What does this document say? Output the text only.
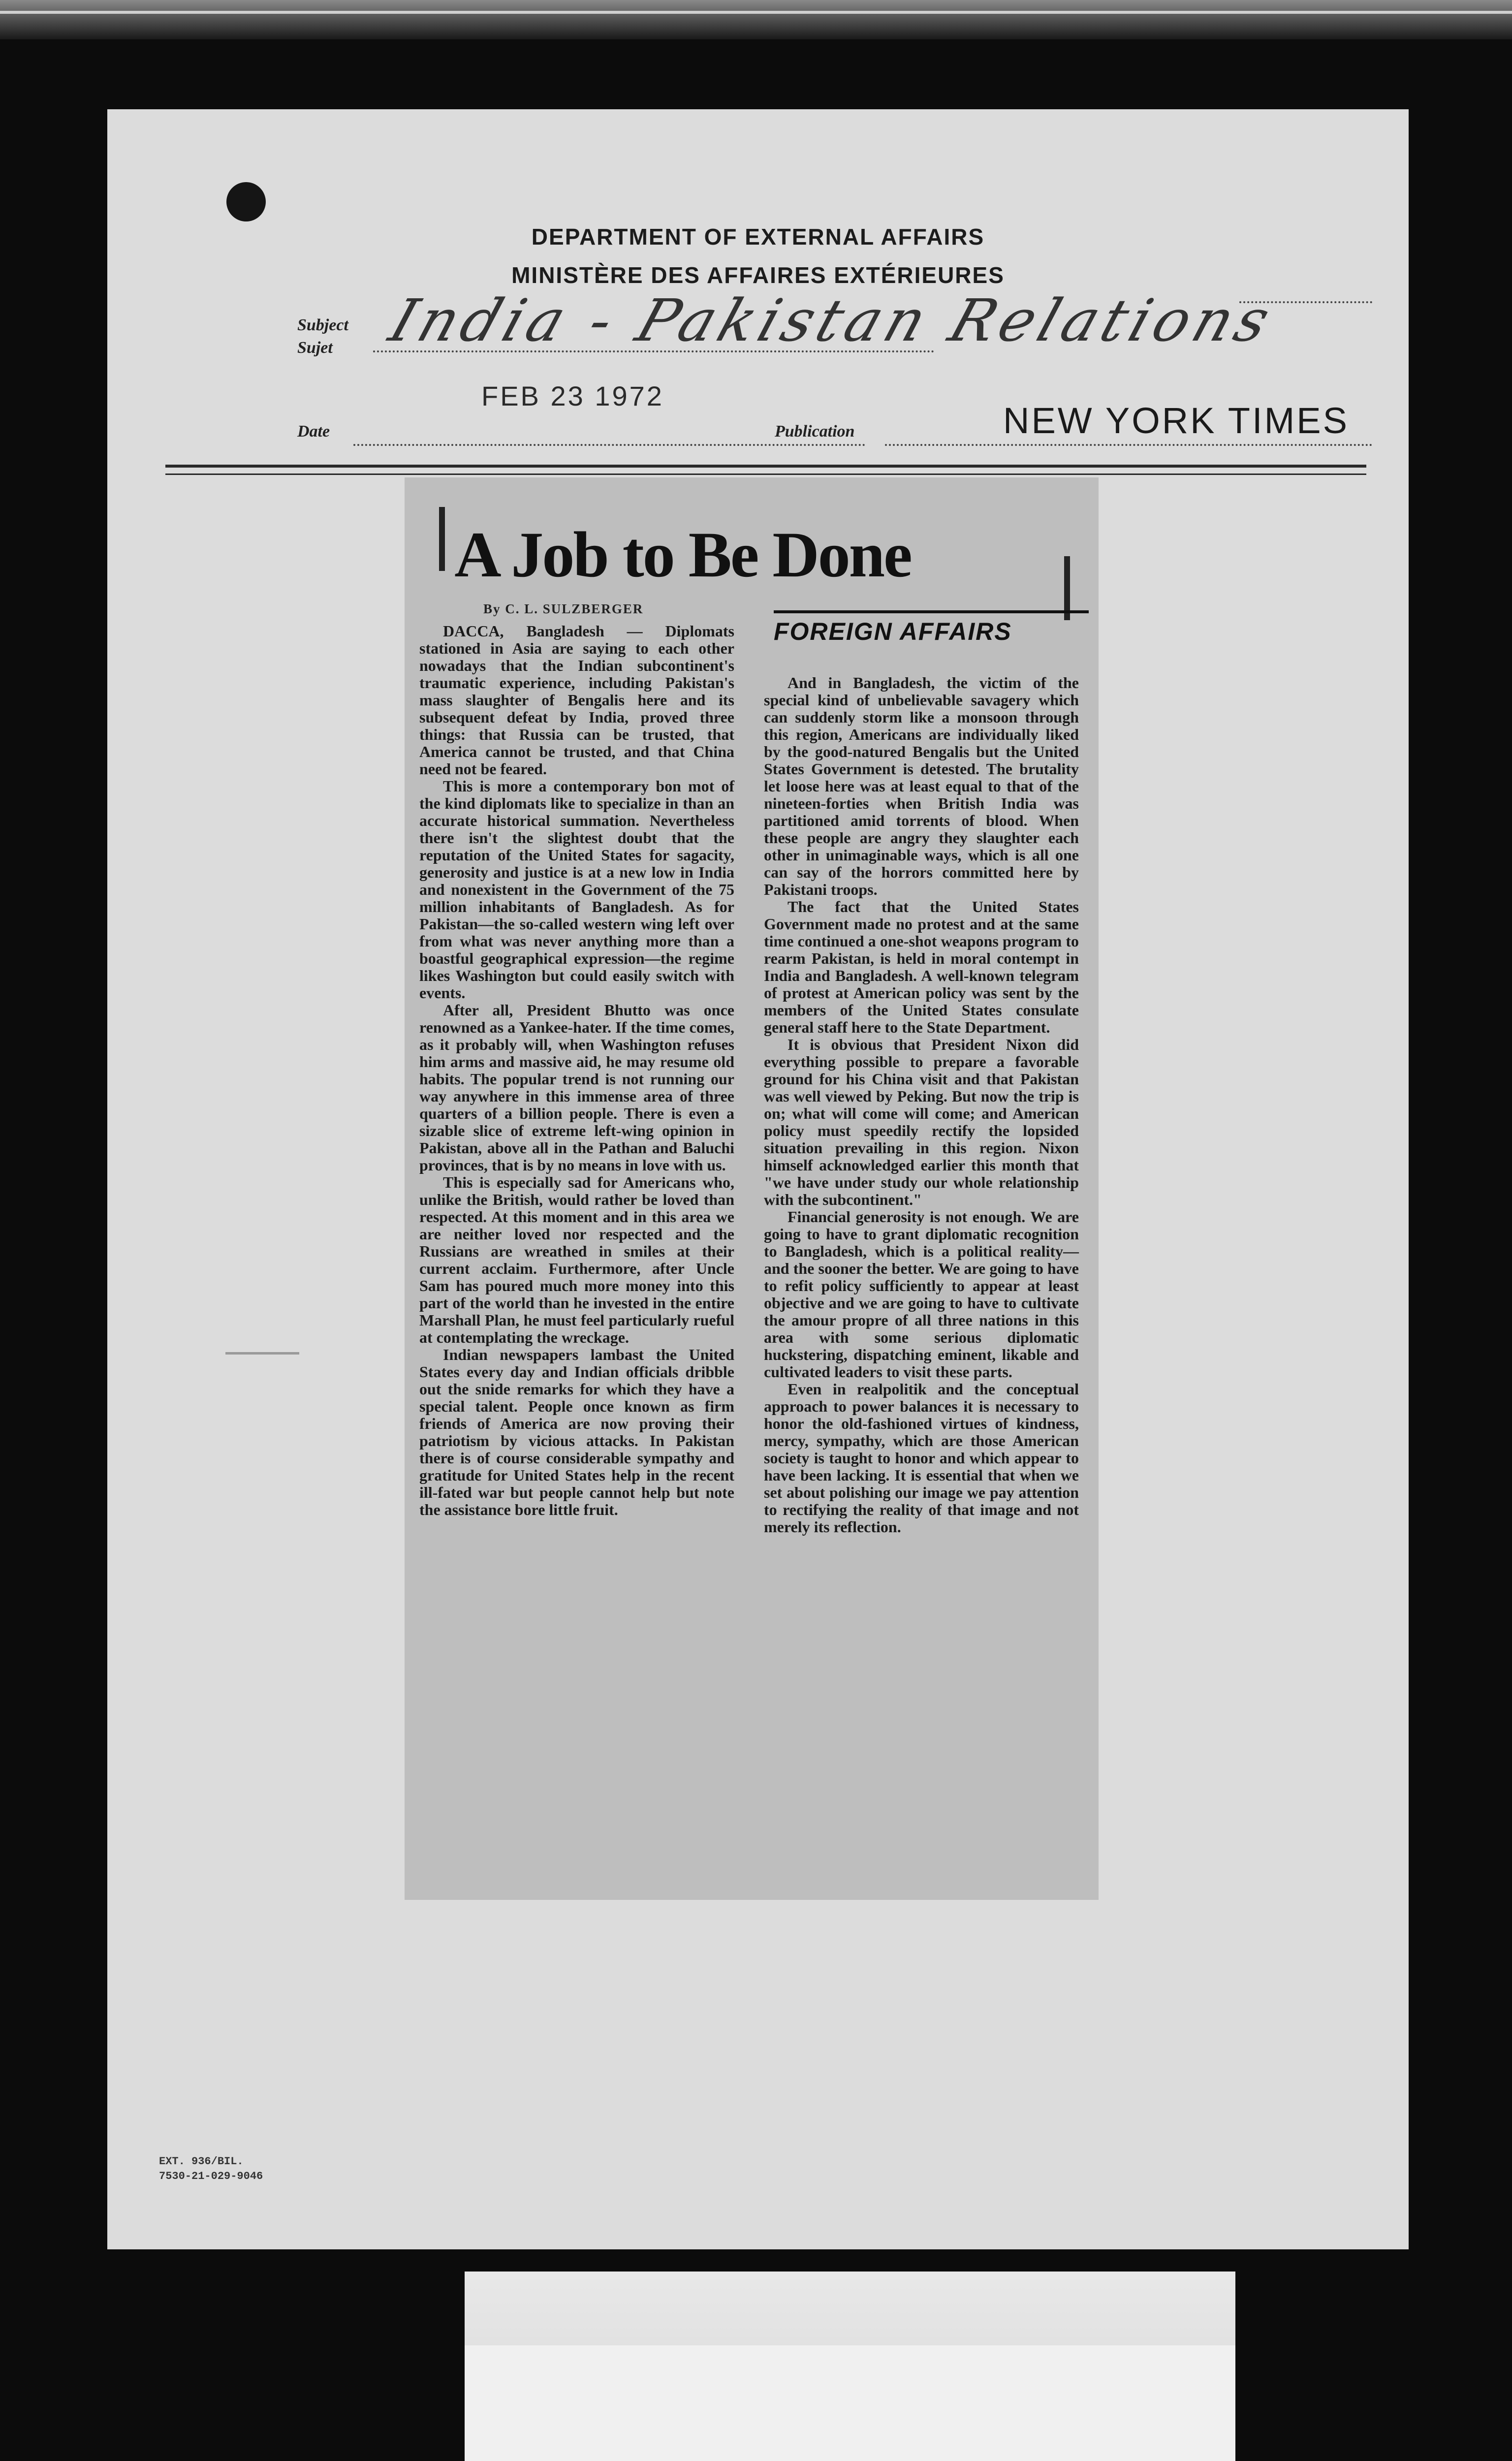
DEPARTMENT OF EXTERNAL AFFAIRS
MINISTÈRE DES AFFAIRES EXTÉRIEURES
Subject
Sujet India - Pakistan Relations
Date
FEB 23 1972
Publication	NEW YORK TIMES
A Job to Be Done
By C. L. SULZBERGER
FOREIGN AFFAIRS

DACCA, Bangladesh — Diplomats stationed in Asia are saying to each other nowadays that the Indian subcontinent's traumatic experience, including Pakistan's mass slaughter of Bengalis here and its subsequent defeat by India, proved three things: that Russia can be trusted, that America cannot be trusted, and that China need not be feared.

This is more a contemporary bon mot of the kind diplomats like to specialize in than an accurate historical summation. Nevertheless there isn't the slightest doubt that the reputation of the United States for sagacity, generosity and justice is at a new low in India and nonexistent in the Government of the 75 million inhabitants of Bangladesh. As for Pakistan—the so-called western wing left over from what was never anything more than a boastful geographical expression—the regime likes Washington but could easily switch with events.

After all, President Bhutto was once renowned as a Yankee-hater. If the time comes, as it probably will, when Washington refuses him arms and massive aid, he may resume old habits. The popular trend is not running our way anywhere in this immense area of three quarters of a billion people. There is even a sizable slice of extreme left-wing opinion in Pakistan, above all in the Pathan and Baluchi provinces, that is by no means in love with us.

This is especially sad for Americans who, unlike the British, would rather be loved than respected. At this moment and in this area we are neither loved nor respected and the Russians are wreathed in smiles at their current acclaim. Furthermore, after Uncle Sam has poured much more money into this part of the world than he invested in the entire Marshall Plan, he must feel particularly rueful at contemplating the wreckage.

Indian newspapers lambast the United States every day and Indian officials dribble out the snide remarks for which they have a special talent. People once known as firm friends of America are now proving their patriotism by vicious attacks. In Pakistan there is of course considerable sympathy and gratitude for United States help in the recent ill-fated war but people cannot help but note the assistance bore little fruit.

And in Bangladesh, the victim of the special kind of unbelievable savagery which can suddenly storm like a monsoon through this region, Americans are individually liked by the good-natured Bengalis but the United States Government is detested. The brutality let loose here was at least equal to that of the nineteen-forties when British India was partitioned amid torrents of blood. When these people are angry they slaughter each other in unimaginable ways, which is all one can say of the horrors committed here by Pakistani troops.

The fact that the United States Government made no protest and at the same time continued a one-shot weapons program to rearm Pakistan, is held in moral contempt in India and Bangladesh. A well-known telegram of protest at American policy was sent by the members of the United States consulate general staff here to the State Department.

It is obvious that President Nixon did everything possible to prepare a favorable ground for his China visit and that Pakistan was well viewed by Peking. But now the trip is on; what will come will come; and American policy must speedily rectify the lopsided situation prevailing in this region. Nixon himself acknowledged earlier this month that "we have under study our whole relationship with the subcontinent."

Financial generosity is not enough. We are going to have to grant diplomatic recognition to Bangladesh, which is a political reality—and the sooner the better. We are going to have to refit policy sufficiently to appear at least objective and we are going to have to cultivate the amour propre of all three nations in this area with some serious diplomatic huckstering, dispatching eminent, likable and cultivated leaders to visit these parts.

Even in realpolitik and the conceptual approach to power balances it is necessary to honor the old-fashioned virtues of kindness, mercy, sympathy, which are those American society is taught to honor and which appear to have been lacking. It is essential that when we set about polishing our image we pay attention to rectifying the reality of that image and not merely its reflection.

EXT. 936/BIL.
7530-21-029-9046
